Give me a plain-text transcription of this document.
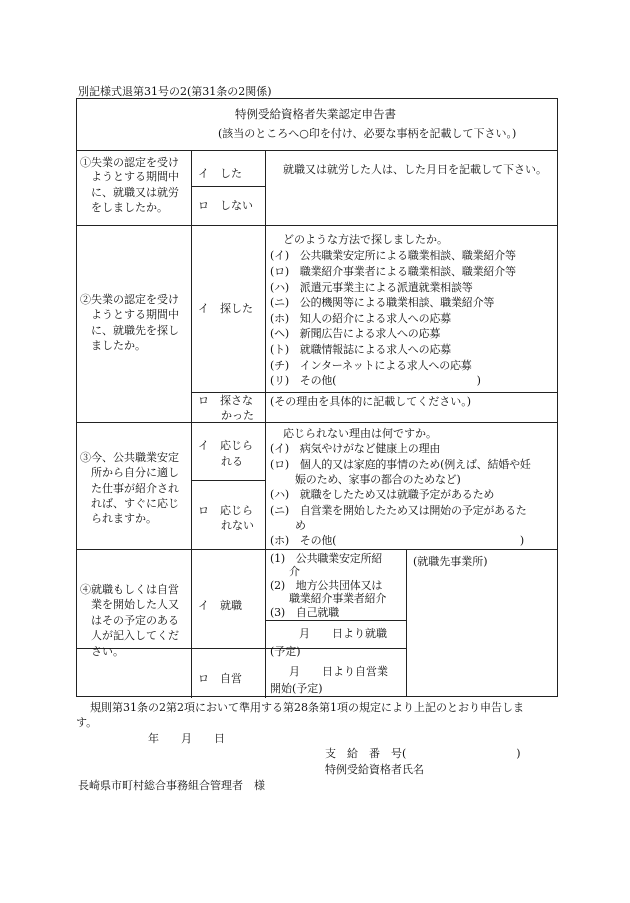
別記様式退第31号の2(第31条の2関係)
特例受給資格者失業認定申告書
(該当のところへ○印を付け、必要な事柄を記載して下さい。)
①失業の認定を受け
ようとする期間中
に、就職又は就労
をしましたか。
イ　した
ロ　しない
就職又は就労した人は、した月日を記載して下さい。
②失業の認定を受け
ようとする期間中
に、就職先を探し
ましたか。
イ　探した
ロ　探さな
かった
どのような方法で探しましたか。
(イ)　公共職業安定所による職業相談、職業紹介等
(ロ)　職業紹介事業者による職業相談、職業紹介等
(ハ)　派遣元事業主による派遣就業相談等
(ニ)　公的機関等による職業相談、職業紹介等
(ホ)　知人の紹介による求人への応募
(ヘ)　新聞広告による求人への応募
(ト)　就職情報誌による求人への応募
(チ)　インターネットによる求人への応募
(リ)　その他(　　　　　　　　　　　　　)
(その理由を具体的に記載してください。)
③今、公共職業安定
所から自分に適し
た仕事が紹介され
れば、すぐに応じ
られますか。
イ　応じら
れる
ロ　応じら
れない
応じられない理由は何ですか。
(イ)　病気やけがなど健康上の理由
(ロ)　個人的又は家庭的事情のため(例えば、結婚や妊
娠のため、家事の都合のためなど)
(ハ)　就職をしたため又は就職予定があるため
(ニ)　自営業を開始したため又は開始の予定があるた
め
(ホ)　その他(　　　　　　　　　　　　　　　　　)
④就職もしくは自営
業を開始した人又
はその予定のある
人が記入してくだ
さい。
イ　就職
ロ　自営
(1)　公共職業安定所紹
介
(2)　地方公共団体又は
職業紹介事業者紹介
(3)　自己就職
(就職先事業所)
月　　日より就職
(予定)
月　　日より自営業
開始(予定)
規則第31条の2第2項において準用する第28条第1項の規定により上記のとおり申告しま
す。
年　　月　　日
支　給　番　号(　　　　　　　　　　)
特例受給資格者氏名
長崎県市町村総合事務組合管理者　様
